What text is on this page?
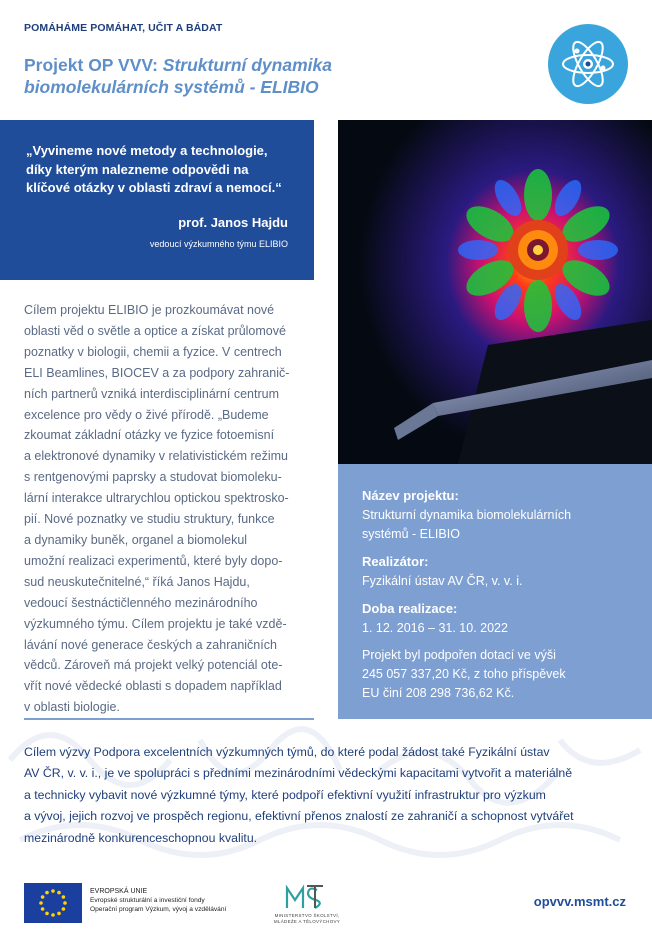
POMÁHÁME POMÁHAT, UČIT A BÁDAT
Projekt OP VVV: Strukturní dynamika
biomolekulárních systémů - ELIBIO
„Vyvineme nové metody a technologie,
díky kterým nalezneme odpovědi na
klíčové otázky v oblasti zdraví a nemocí.“
prof. Janos Hajdu
vedoucí výzkumného týmu ELIBIO
Cílem projektu ELIBIO je prozkoumávat nové
oblasti věd o světle a optice a získat průlomové
poznatky v biologii, chemii a fyzice. V centrech
ELI Beamlines, BIOCEV a za podpory zahranič-
ních partnerů vzniká interdisciplinární centrum
excelence pro vědy o živé přírodě. „Budeme
zkoumat základní otázky ve fyzice fotoemisní
a elektronové dynamiky v relativistickém režimu
s rentgenovými paprsky a studovat biomoleku-
lární interakce ultrarychlou optickou spektrosko-
pií. Nové poznatky ve studiu struktury, funkce
a dynamiky buněk, organel a biomolekul
umožní realizaci experimentů, které byly dopo-
sud neuskutečnitelné,“ říká Janos Hajdu,
vedoucí šestnáctičlenného mezinárodního
výzkumného týmu. Cílem projektu je také vzdě-
lávání nové generace českých a zahraničních
vědců. Zároveň má projekt velký potenciál ote-
vřít nové vědecké oblasti s dopadem například
v oblasti biologie.
Název projektu:
Strukturní dynamika biomolekulárních
systémů - ELIBIO
Realizátor:
Fyzikální ústav AV ČR, v. v. i.
Doba realizace:
1. 12. 2016 – 31. 10. 2022
Projekt byl podpořen dotací ve výši
245 057 337,20 Kč, z toho příspěvek
EU činí 208 298 736,62 Kč.
Cílem výzvy Podpora excelentních výzkumných týmů, do které podal žádost také Fyzikální ústav
AV ČR, v. v. i., je ve spolupráci s předními mezinárodními vědeckými kapacitami vytvořit a materiálně
a technicky vybavit nové výzkumné týmy, které podpoří efektivní využití infrastruktur pro výzkum
a vývoj, jejich rozvoj ve prospěch regionu, efektivní přenos znalostí ze zahraničí a schopnost vytvářet
mezinárodně konkurenceschopnou kvalitu.
EVROPSKÁ UNIE
Evropské strukturální a investiční fondy
Operační program Výzkum, vývoj a vzdělávání
MINISTERSTVO ŠKOLSTVÍ,
MLÁDEŽE A TĚLOVÝCHOVY
opvvv.msmt.cz
